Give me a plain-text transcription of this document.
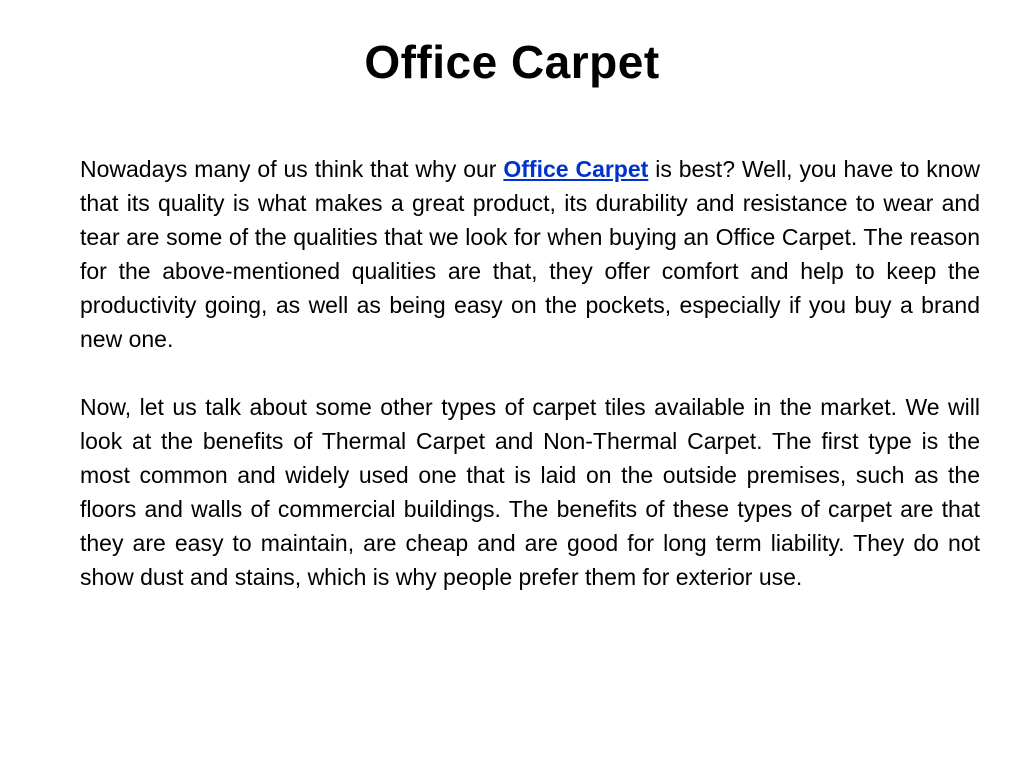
Office Carpet

Nowadays many of us think that why our Office Carpet is best? Well, you have to know that its quality is what makes a great product, its durability and resistance to wear and tear are some of the qualities that we look for when buying an Office Carpet. The reason for the above-mentioned qualities are that, they offer comfort and help to keep the productivity going, as well as being easy on the pockets, especially if you buy a brand new one.

Now, let us talk about some other types of carpet tiles available in the market. We will look at the benefits of Thermal Carpet and Non-Thermal Carpet. The first type is the most common and widely used one that is laid on the outside premises, such as the floors and walls of commercial buildings. The benefits of these types of carpet are that they are easy to maintain, are cheap and are good for long term liability. They do not show dust and stains, which is why people prefer them for exterior use.
